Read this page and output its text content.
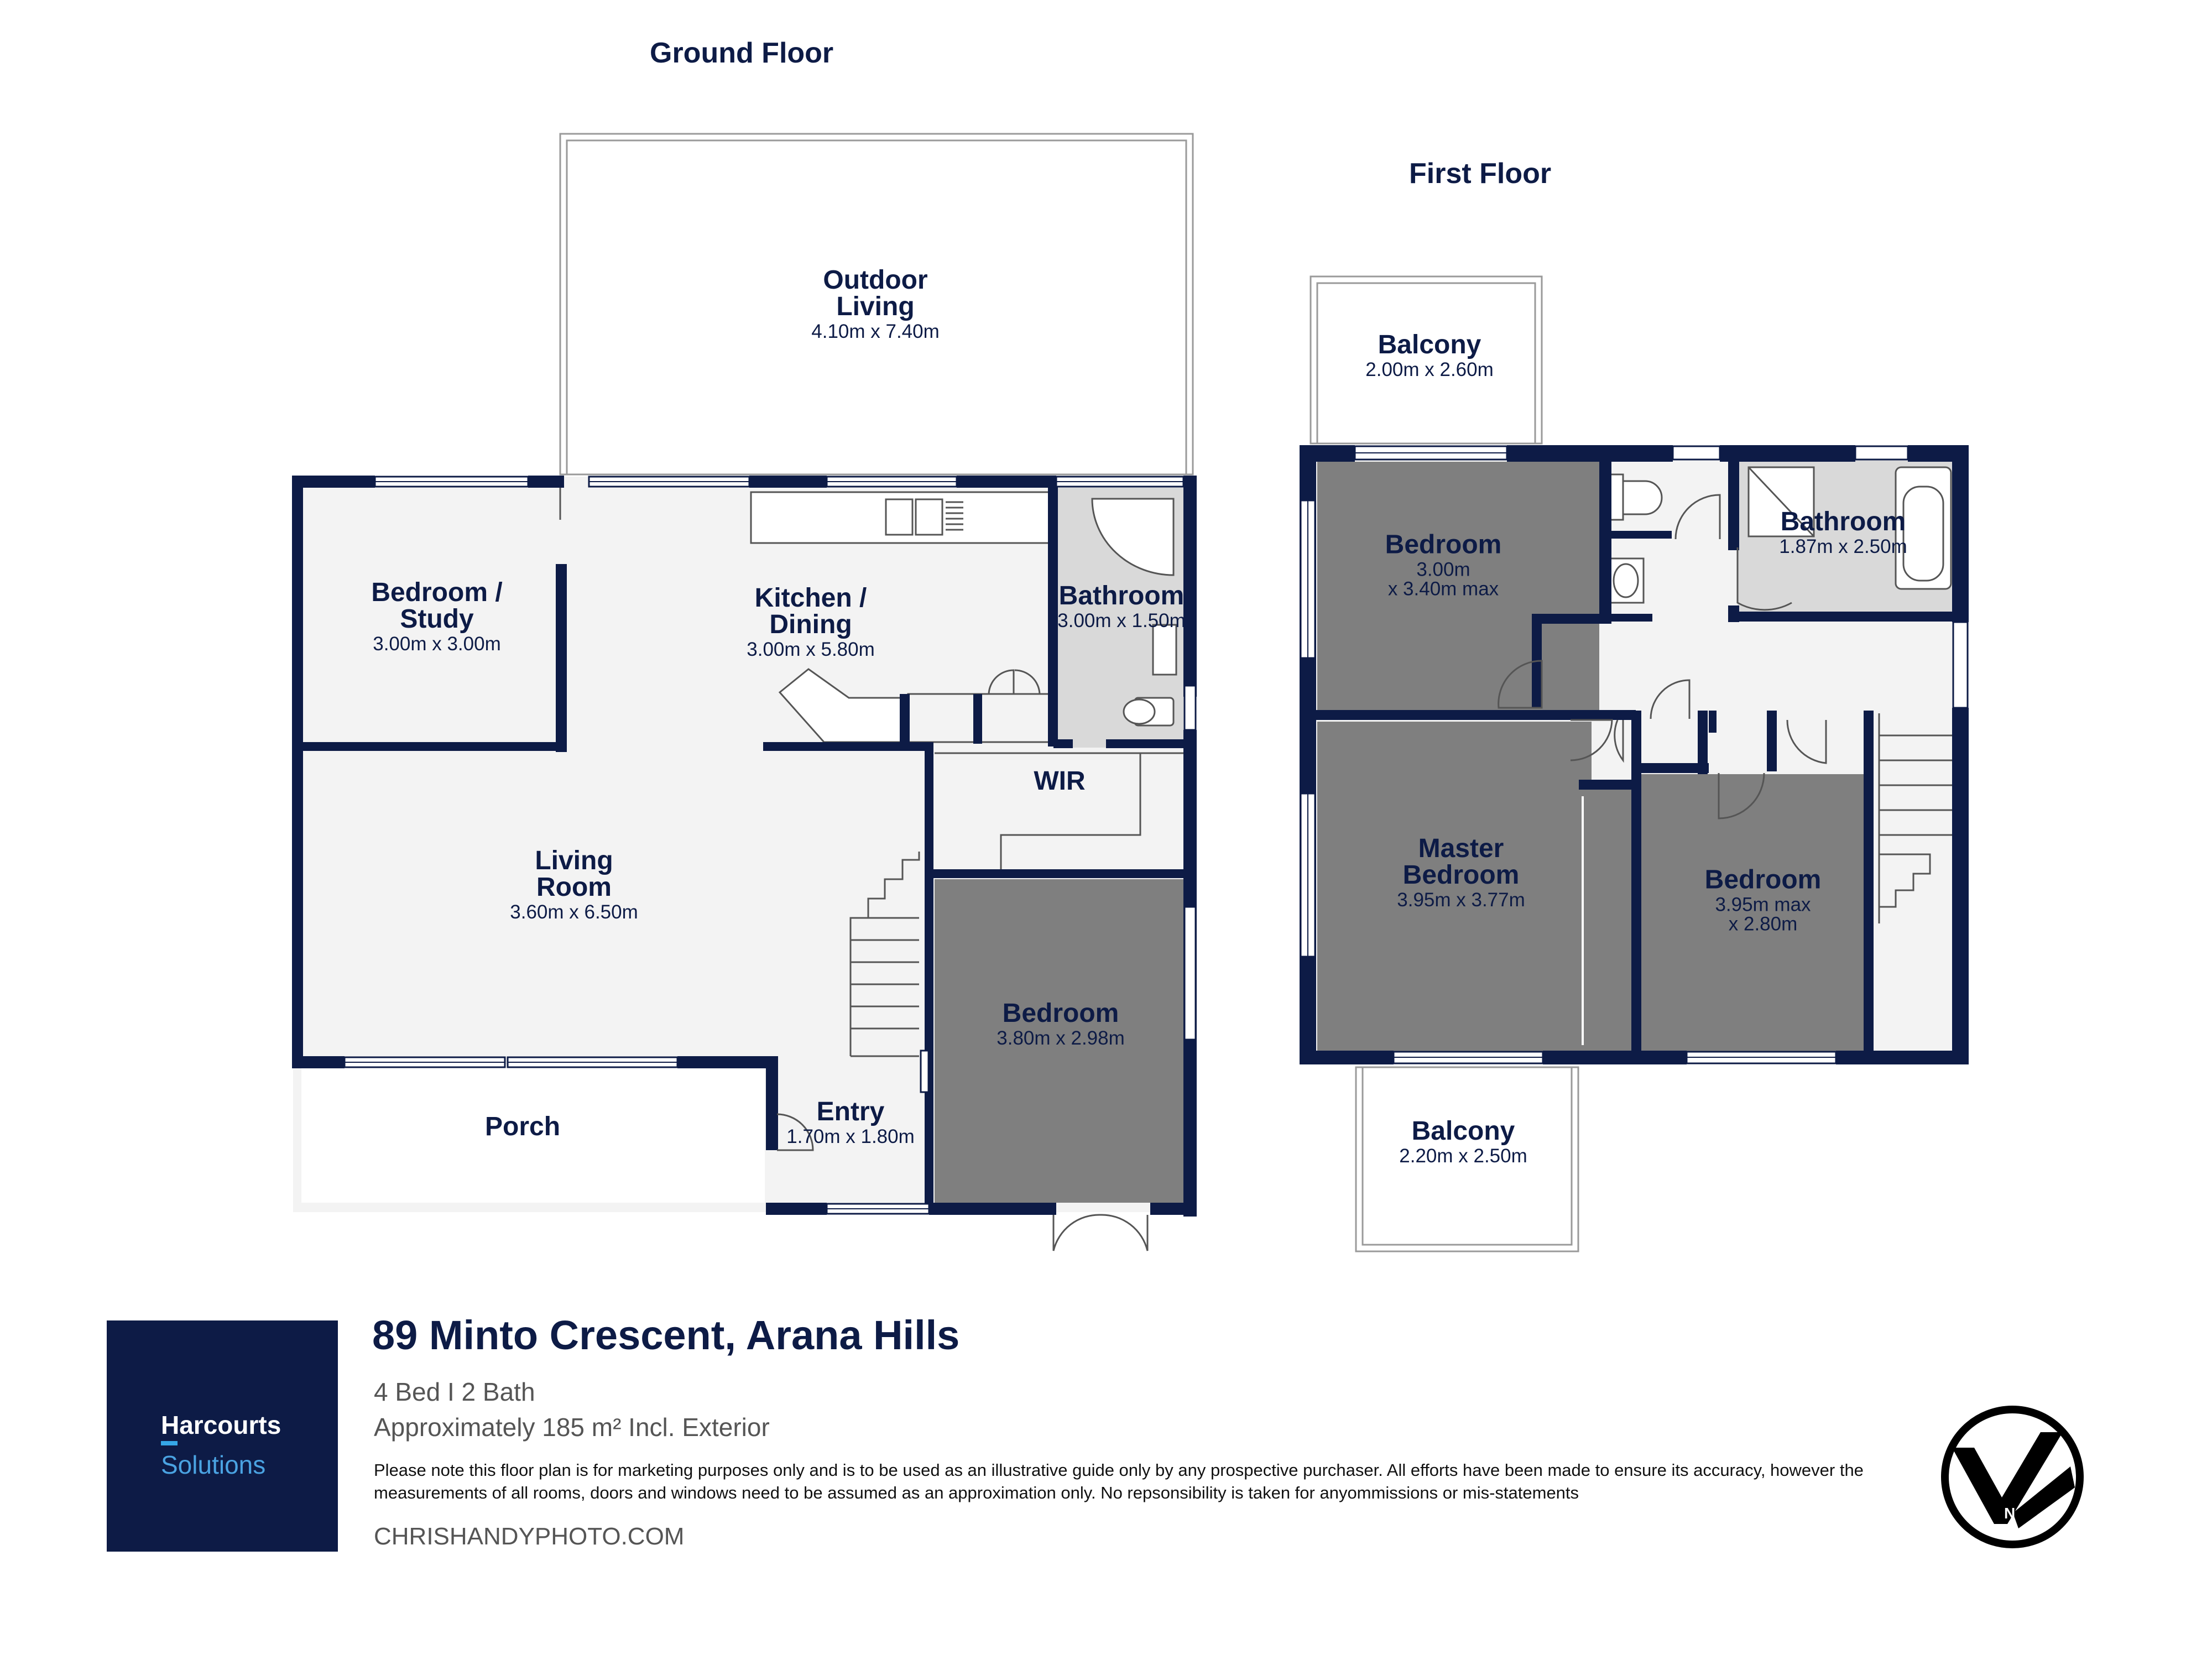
Ground Floor
First Floor
Outdoor
Living
4.10m x 7.40m
Bedroom /
Study
3.00m x 3.00m
Kitchen /
Dining
3.00m x 5.80m
Bathroom
3.00m x 1.50m
WIR
Living
Room
3.60m x 6.50m
Bedroom
3.80m x 2.98m
Porch
Entry
1.70m x 1.80m
Balcony
2.00m x 2.60m
Bedroom
3.00m
x 3.40m max
Bathroom
1.87m x 2.50m
Master
Bedroom
3.95m x 3.77m
Bedroom
3.95m max
x 2.80m
Balcony
2.20m x 2.50m
Harcourts
Solutions
89 Minto Crescent, Arana Hills
4 Bed I 2 Bath
Approximately 185 m² Incl. Exterior
Please note this floor plan is for marketing purposes only and is to be used as an illustrative guide only by any prospective purchaser. All efforts have been made to ensure its accuracy, however the measurements of all rooms, doors and windows need to be assumed as an approximation only. No repsonsibility is taken for anyommissions or mis-statements
CHRISHANDYPHOTO.COM
N
